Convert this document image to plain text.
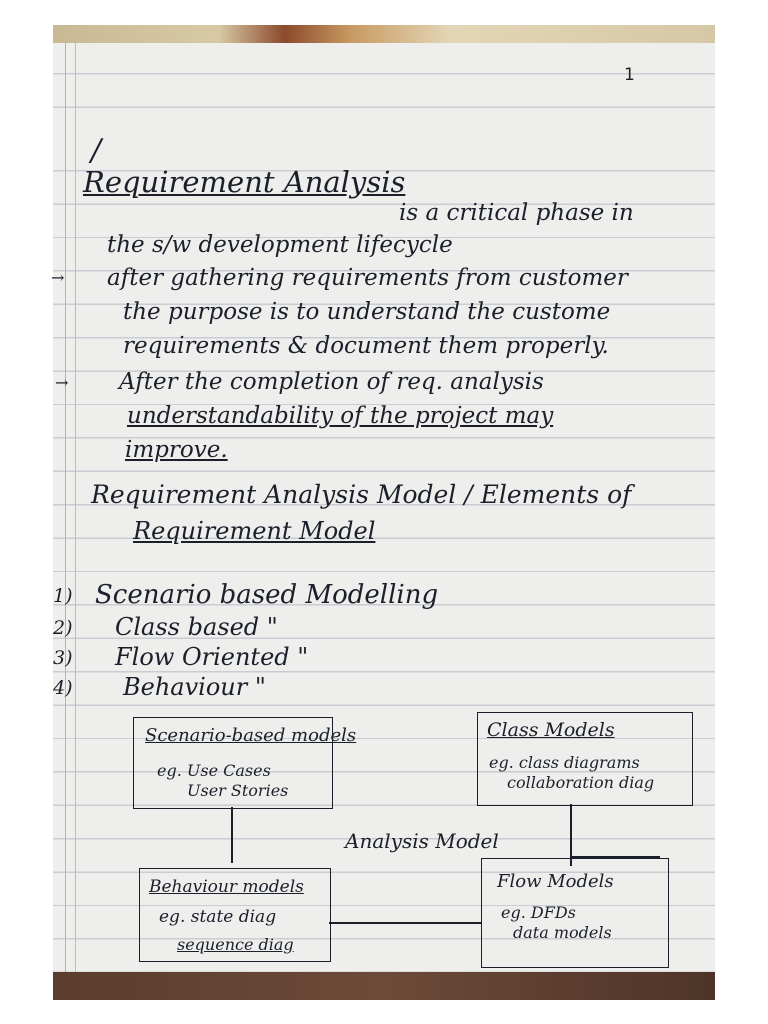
1
/
Requirement Analysis
is a critical phase in
the s/w development lifecycle
→ after gathering requirements from customer
the purpose is to understand the custome
requirements & document them properly.
→ After the completion of req. analysis
understandability of the project may
improve.
Requirement Analysis Model / Elements of
Requirement Model
1) Scenario based Modelling
2) Class based "
3) Flow Oriented "
4) Behaviour "
Scenario-based models
eg. Use Cases
User Stories
Class Models
eg. class diagrams
collaboration diag
Analysis Model
Behaviour models
eg. state diag
sequence diag
Flow Models
eg. DFDs
data models
